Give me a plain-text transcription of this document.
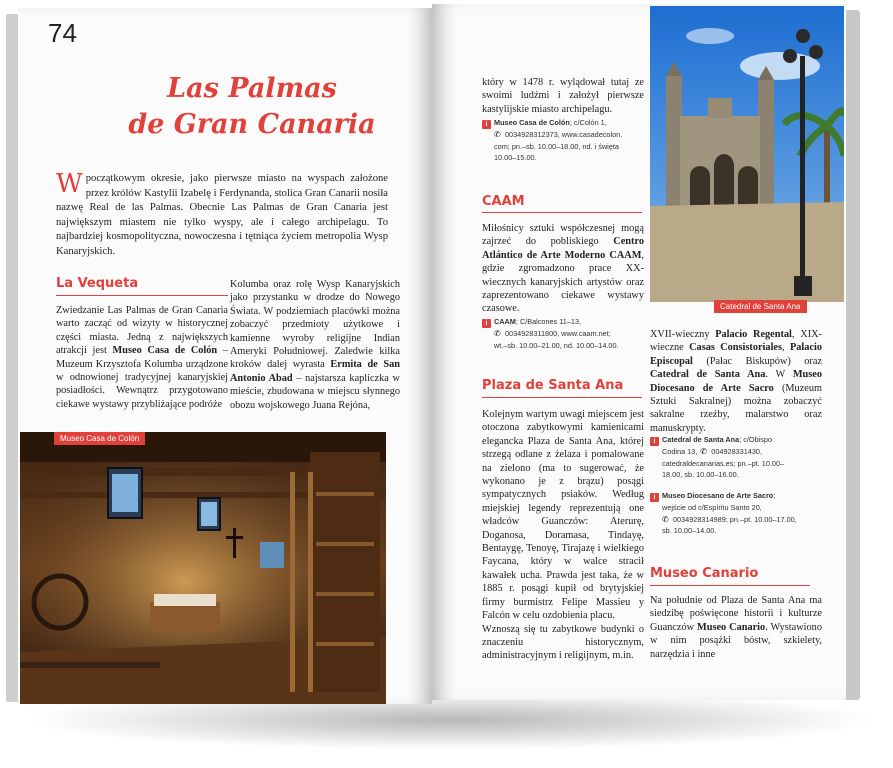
74
Las Palmas
de Gran Canaria
Wpoczątkowym okresie, jako pierwsze miasto na wyspach założone przez królów Kastylii Izabelę i Ferdynanda, stolica Gran Canarii nosiła nazwę Real de las Palmas. Obecnie Las Palmas de Gran Canaria jest największym miastem nie tylko wyspy, ale i całego archipelagu. To najbardziej kosmopolityczna, nowoczesna i tętniąca życiem metropolia Wysp Kanaryjskich.
La Vequeta
Zwiedzanie Las Palmas de Gran Canaria warto zacząć od wizyty w historycznej części miasta. Jedną z największych atrakcji jest Museo Casa de Colón – Muzeum Krzysztofa Kolumba urządzone w odnowionej tradycyjnej kanaryjskiej posiadłości. Wewnątrz przygotowano ciekawe wystawy przybliżające podróże
Kolumba oraz rolę Wysp Kanaryjskich jako przystanku w drodze do Nowego Świata. W podziemiach placówki można zobaczyć przedmioty użytkowe i kamienne wyroby religijne Indian Ameryki Południowej. Zaledwie kilka kroków dalej wyrasta Ermita de San Antonio Abad – najstarsza kapliczka w mieście, zbudowana w miejscu słynnego obozu wojskowego Juana Rejóna,
Museo Casa de Colón
który w 1478 r. wylądował tutaj ze swoimi ludźmi i założył pierwsze kastylijskie miasto archipelagu.
i Museo Casa de Colón; c/Colón 1,
✆ 0034928312373, www.casadecolon.

com; pn.–sb. 10.00–18.00, nd. i święta
10.00–15.00.
CAAM
Miłośnicy sztuki współczesnej mogą zajrzeć do pobliskiego Centro Atlántico de Arte Moderno CAAM, gdzie zgromadzono prace XX-wiecznych kanaryjskich artystów oraz zaprezentowano ciekawe wystawy czasowe.
i CAAM; C/Balcones 11–13,
✆ 0034928311800, www.caam.net;

wt.–sb. 10.00–21.00, nd. 10.00–14.00.
Plaza de Santa Ana
Kolejnym wartym uwagi miejscem jest otoczona zabytkowymi kamienicami elegancka Plaza de Santa Ana, której strzegą odlane z żelaza i pomalowane na zielono (ma to sugerować, że wykonano je z brązu) posągi sympatycznych psiaków. Według miejskiej legendy reprezentują one władców Guanczów: Aterurę, Doganosa, Doramasa, Tindayę, Bentaygę, Tenoyę, Tirajazę i wielkiego Faycana, który w walce stracił kawałek ucha. Prawda jest taka, że w 1885 r. posągi kupił od brytyjskiej firmy burmistrz Felipe Massieu y Falcón w celu ozdobienia placu.
Wznoszą się tu zabytkowe budynki o znaczeniu historycznym, administracyjnym i religijnym, m.in.
Catedral de Santa Ana
XVII-wieczny Palacio Regental, XIX-wieczne Casas Consistoriales, Palacio Episcopal (Pałac Biskupów) oraz Catedral de Santa Ana. W Museo Diocesano de Arte Sacro (Muzeum Sztuki Sakralnej) można zobaczyć sakralne rzeźby, malarstwo oraz manuskrypty.
i Catedral de Santa Ana; c/Obispo
Codina 13, ✆ 004928331430,

catedraldecanarias.es; pn.–pt. 10.00–
18.00, sb. 10.00–16.00.
i Museo Diocesano de Arte Sacro;

wejście od c/Espíritu Santo 20,
✆ 0034928314989; pn.–pt. 10.00–17.00,

sb. 10.00–14.00.
Museo Canario
Na południe od Plaza de Santa Ana ma siedzibę poświęcone historii i kulturze Guanczów Museo Canario. Wystawiono w nim posążki bóstw, szkielety, narzędzia i inne
